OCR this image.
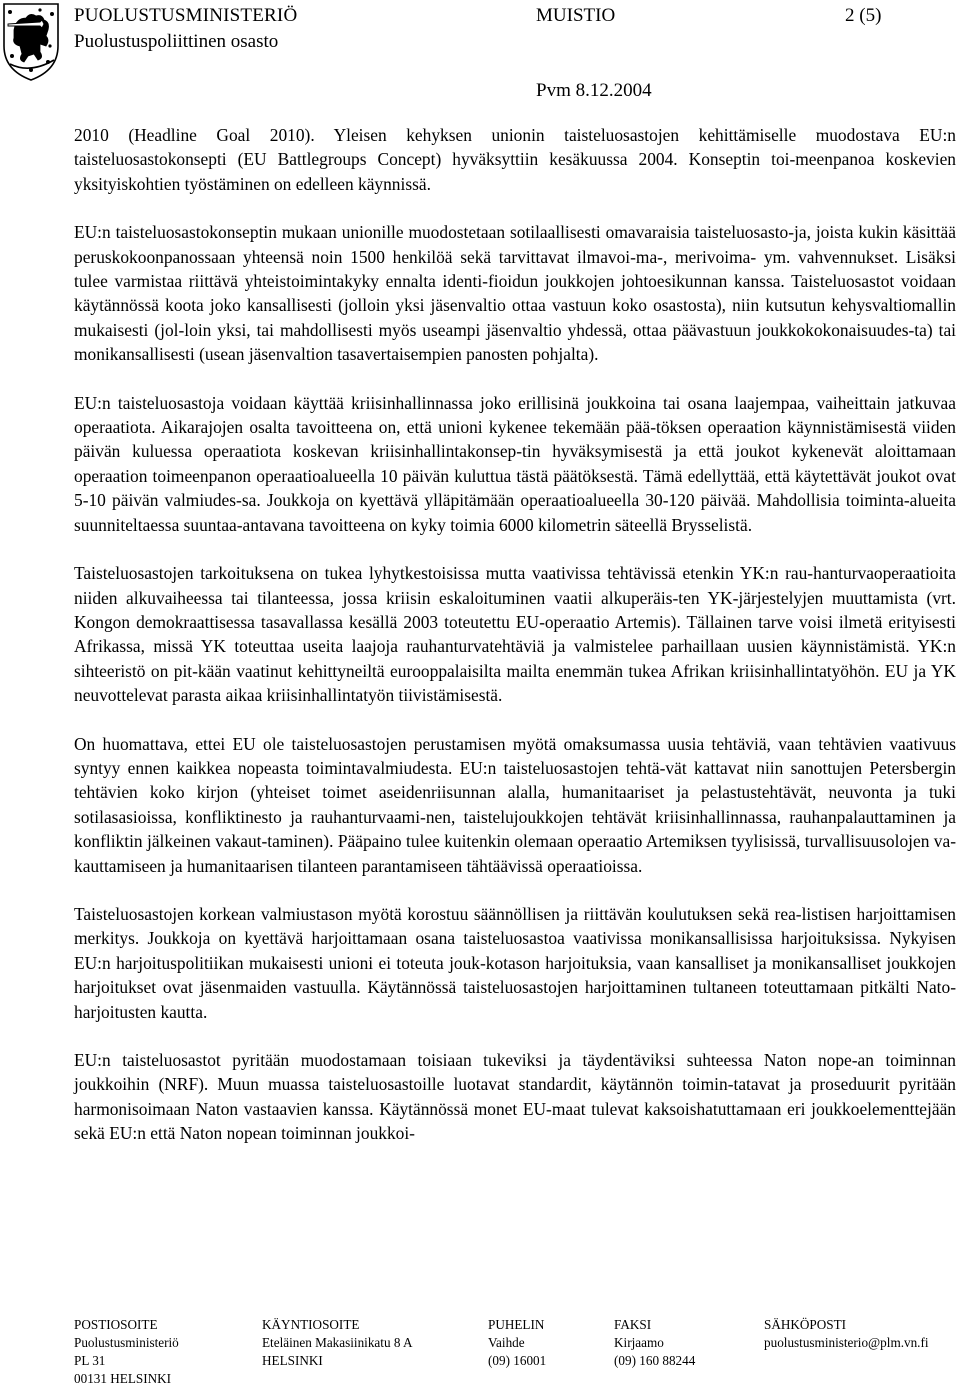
PUOLUSTUSMINISTERIÖ
Puolustuspoliittinen osasto
MUISTIO	2 (5)
Pvm 8.12.2004

2010 (Headline Goal 2010). Yleisen kehyksen unionin taisteluosastojen kehittämiselle muodostava EU:n taisteluosastokonsepti (EU Battlegroups Concept) hyväksyttiin kesäkuussa 2004. Konseptin toi-meenpanoa koskevien yksityiskohtien työstäminen on edelleen käynnissä.

EU:n taisteluosastokonseptin mukaan unionille muodostetaan sotilaallisesti omavaraisia taisteluosasto-ja, joista kukin käsittää peruskokoonpanossaan yhteensä noin 1500 henkilöä sekä tarvittavat ilmavoi-ma-, merivoima- ym. vahvennukset. Lisäksi tulee varmistaa riittävä yhteistoimintakyky ennalta identi-fioidun joukkojen johtoesikunnan kanssa. Taisteluosastot voidaan käytännössä koota joko kansallisesti (jolloin yksi jäsenvaltio ottaa vastuun koko osastosta), niin kutsutun kehysvaltiomallin mukaisesti (jol-loin yksi, tai mahdollisesti myös useampi jäsenvaltio yhdessä, ottaa päävastuun joukkokokonaisuudes-ta) tai monikansallisesti (usean jäsenvaltion tasavertaisempien panosten pohjalta).

EU:n taisteluosastoja voidaan käyttää kriisinhallinnassa joko erillisinä joukkoina tai osana laajempaa, vaiheittain jatkuvaa operaatiota. Aikarajojen osalta tavoitteena on, että unioni kykenee tekemään pää-töksen operaation käynnistämisestä viiden päivän kuluessa operaatiota koskevan kriisinhallintakonsep-tin hyväksymisestä ja että joukot kykenevät aloittamaan operaation toimeenpanon operaatioalueella 10 päivän kuluttua tästä päätöksestä. Tämä edellyttää, että käytettävät joukot ovat 5-10 päivän valmiudes-sa. Joukkoja on kyettävä ylläpitämään operaatioalueella 30-120 päivää. Mahdollisia toiminta-alueita suunniteltaessa suuntaa-antavana tavoitteena on kyky toimia 6000 kilometrin säteellä Brysselistä.

Taisteluosastojen tarkoituksena on tukea lyhytkestoisissa mutta vaativissa tehtävissä etenkin YK:n rau-hanturvaoperaatioita niiden alkuvaiheessa tai tilanteessa, jossa kriisin eskaloituminen vaatii alkuperäis-ten YK-järjestelyjen muuttamista (vrt. Kongon demokraattisessa tasavallassa kesällä 2003 toteutettu EU-operaatio Artemis). Tällainen tarve voisi ilmetä erityisesti Afrikassa, missä YK toteuttaa useita laajoja rauhanturvatehtäviä ja valmistelee parhaillaan uusien käynnistämistä. YK:n sihteeristö on pit-kään vaatinut kehittyneiltä eurooppalaisilta mailta enemmän tukea Afrikan kriisinhallintatyöhön. EU ja YK neuvottelevat parasta aikaa kriisinhallintatyön tiivistämisestä.

On huomattava, ettei EU ole taisteluosastojen perustamisen myötä omaksumassa uusia tehtäviä, vaan tehtävien vaativuus syntyy ennen kaikkea nopeasta toimintavalmiudesta. EU:n taisteluosastojen tehtä-vät kattavat niin sanottujen Petersbergin tehtävien koko kirjon (yhteiset toimet aseidenriisunnan alalla, humanitaariset ja pelastustehtävät, neuvonta ja tuki sotilasasioissa, konfliktinesto ja rauhanturvaami-nen, taistelujoukkojen tehtävät kriisinhallinnassa, rauhanpalauttaminen ja konfliktin jälkeinen vakaut-taminen). Pääpaino tulee kuitenkin olemaan operaatio Artemiksen tyylisissä, turvallisuusolojen va-kauttamiseen ja humanitaarisen tilanteen parantamiseen tähtäävissä operaatioissa.

Taisteluosastojen korkean valmiustason myötä korostuu säännöllisen ja riittävän koulutuksen sekä rea-listisen harjoittamisen merkitys. Joukkoja on kyettävä harjoittamaan osana taisteluosastoa vaativissa monikansallisissa harjoituksissa. Nykyisen EU:n harjoituspolitiikan mukaisesti unioni ei toteuta jouk-kotason harjoituksia, vaan kansalliset ja monikansalliset joukkojen harjoitukset ovat jäsenmaiden vastuulla. Käytännössä taisteluosastojen harjoittaminen tultaneen toteuttamaan pitkälti Nato-harjoitusten kautta.

EU:n taisteluosastot pyritään muodostamaan toisiaan tukeviksi ja täydentäviksi suhteessa Naton nope-an toiminnan joukkoihin (NRF). Muun muassa taisteluosastoille luotavat standardit, käytännön toimin-tatavat ja proseduurit pyritään harmonisoimaan Naton vastaavien kanssa. Käytännössä monet EU-maat tulevat kaksoishatuttamaan eri joukkoelementtejään sekä EU:n että Naton nopean toiminnan joukkoi-

POSTIOSOITE
Puolustusministeriö
PL 31
00131 HELSINKI
KÄYNTIOSOITE
Eteläinen Makasiinikatu 8 A
HELSINKI
PUHELIN
Vaihde
(09) 16001
FAKSI
Kirjaamo
(09) 160 88244
SÄHKÖPOSTI
puolustusministerio@plm.vn.fi
